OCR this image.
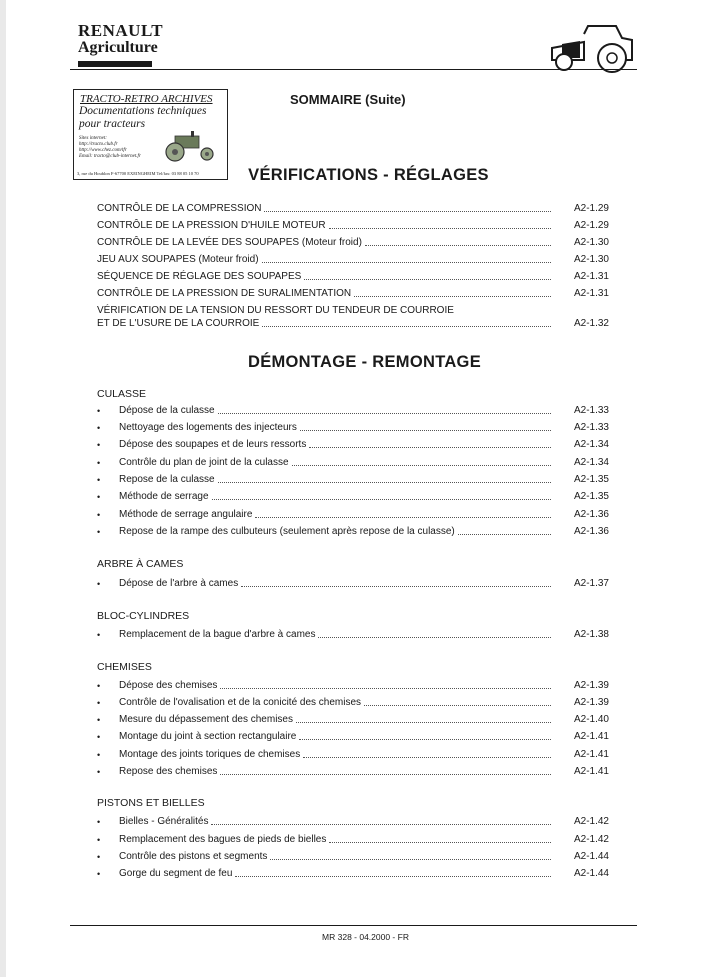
RENAULT
Agriculture
TRACTO-RETRO ARCHIVES
Documentations techniques
pour tracteurs
Sites internet:
http://tracto.club.fr
http://www.chez.com/tfr
Email: tracto@club-internet.fr
3, rue du Houblon F-67700 EXEINGHEIM Tel/fax: 03 88 05 10 70
SOMMAIRE (Suite)
VÉRIFICATIONS - RÉGLAGES
CONTRÔLE DE LA COMPRESSION	A2-1.29
CONTRÔLE DE LA PRESSION D'HUILE MOTEUR	A2-1.29
CONTRÔLE DE LA LEVÉE DES SOUPAPES (Moteur froid)	A2-1.30
JEU AUX SOUPAPES (Moteur froid)	A2-1.30
SÉQUENCE DE RÉGLAGE DES SOUPAPES	A2-1.31
CONTRÔLE DE LA PRESSION DE SURALIMENTATION	A2-1.31
VÉRIFICATION DE LA TENSION DU RESSORT DU TENDEUR DE COURROIE
ET DE L'USURE DE LA COURROIE	A2-1.32
DÉMONTAGE - REMONTAGE
CULASSE
•	Dépose de la culasse	A2-1.33
•	Nettoyage des logements des injecteurs	A2-1.33
•	Dépose des soupapes et de leurs ressorts	A2-1.34
•	Contrôle du plan de joint de la culasse	A2-1.34
•	Repose de la culasse	A2-1.35
•	Méthode de serrage	A2-1.35
•	Méthode de serrage angulaire	A2-1.36
•	Repose de la rampe des culbuteurs (seulement après repose de la culasse)	A2-1.36
ARBRE À CAMES
•	Dépose de l'arbre à cames	A2-1.37
BLOC-CYLINDRES
•	Remplacement de la bague d'arbre à cames	A2-1.38
CHEMISES
•	Dépose des chemises	A2-1.39
•	Contrôle de l'ovalisation et de la conicité des chemises	A2-1.39
•	Mesure du dépassement des chemises	A2-1.40
•	Montage du joint à section rectangulaire	A2-1.41
•	Montage des joints toriques de chemises	A2-1.41
•	Repose des chemises	A2-1.41
PISTONS ET BIELLES
•	Bielles - Généralités	A2-1.42
•	Remplacement des bagues de pieds de bielles	A2-1.42
•	Contrôle des pistons et segments	A2-1.44
•	Gorge du segment de feu	A2-1.44
MR 328 - 04.2000 - FR
